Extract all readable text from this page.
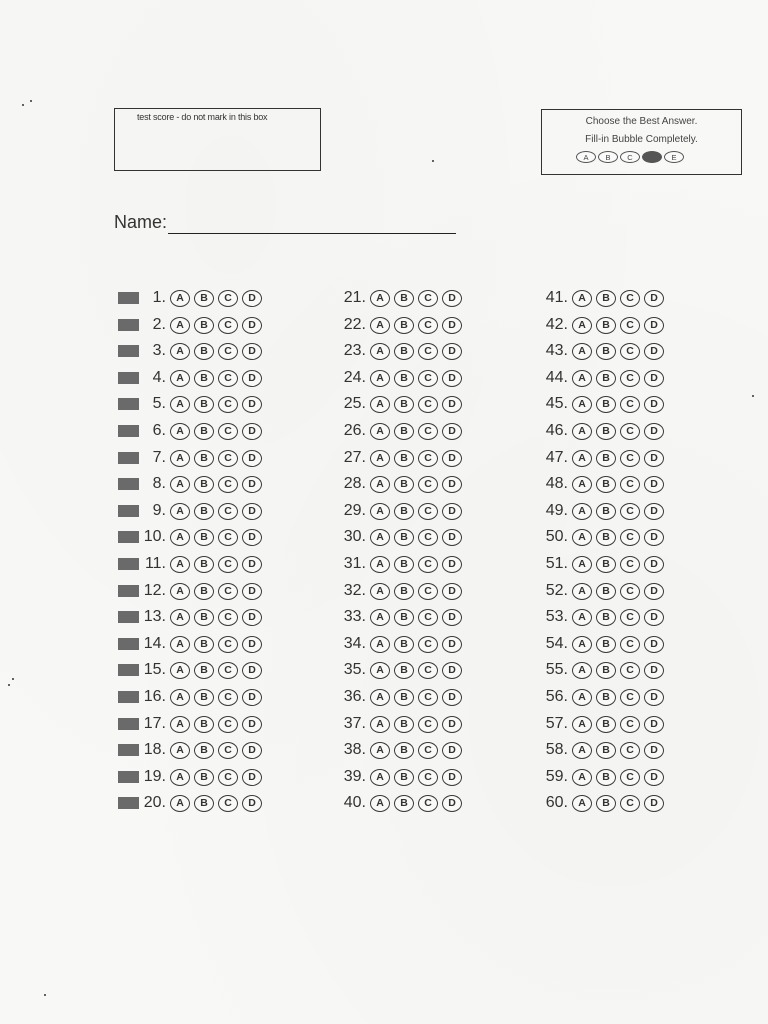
test score - do not mark in this box	Choose the Best Answer.
Fill-in Bubble Completely.
A	B	C	E
Name:
1. A	B	C	D
2. A	B	C	D
3. A	B	C	D
4. A	B	C	D
5. A	B	C	D
6. A	B	C	D
7. A	B	C	D
8. A	B	C	D
9. A	B	C	D
10. A	B	C	D
11. A	B	C	D
12. A	B	C	D
13. A	B	C	D
14. A	B	C	D
15. A	B	C	D
16. A	B	C	D
17. A	B	C	D
18. A	B	C	D
19. A	B	C	D
20. A	B	C	D
21. A	B	C	D
22. A	B	C	D
23. A	B	C	D
24. A	B	C	D
25. A	B	C	D
26. A	B	C	D
27. A	B	C	D
28. A	B	C	D
29. A	B	C	D
30. A	B	C	D
31. A	B	C	D
32. A	B	C	D
33. A	B	C	D
34. A	B	C	D
35. A	B	C	D
36. A	B	C	D
37. A	B	C	D
38. A	B	C	D
39. A	B	C	D
40. A	B	C	D
41. A	B	C	D
42. A	B	C	D
43. A	B	C	D
44. A	B	C	D
45. A	B	C	D
46. A	B	C	D
47. A	B	C	D
48. A	B	C	D
49. A	B	C	D
50. A	B	C	D
51. A	B	C	D
52. A	B	C	D
53. A	B	C	D
54. A	B	C	D
55. A	B	C	D
56. A	B	C	D
57. A	B	C	D
58. A	B	C	D
59. A	B	C	D
60. A	B	C	D
